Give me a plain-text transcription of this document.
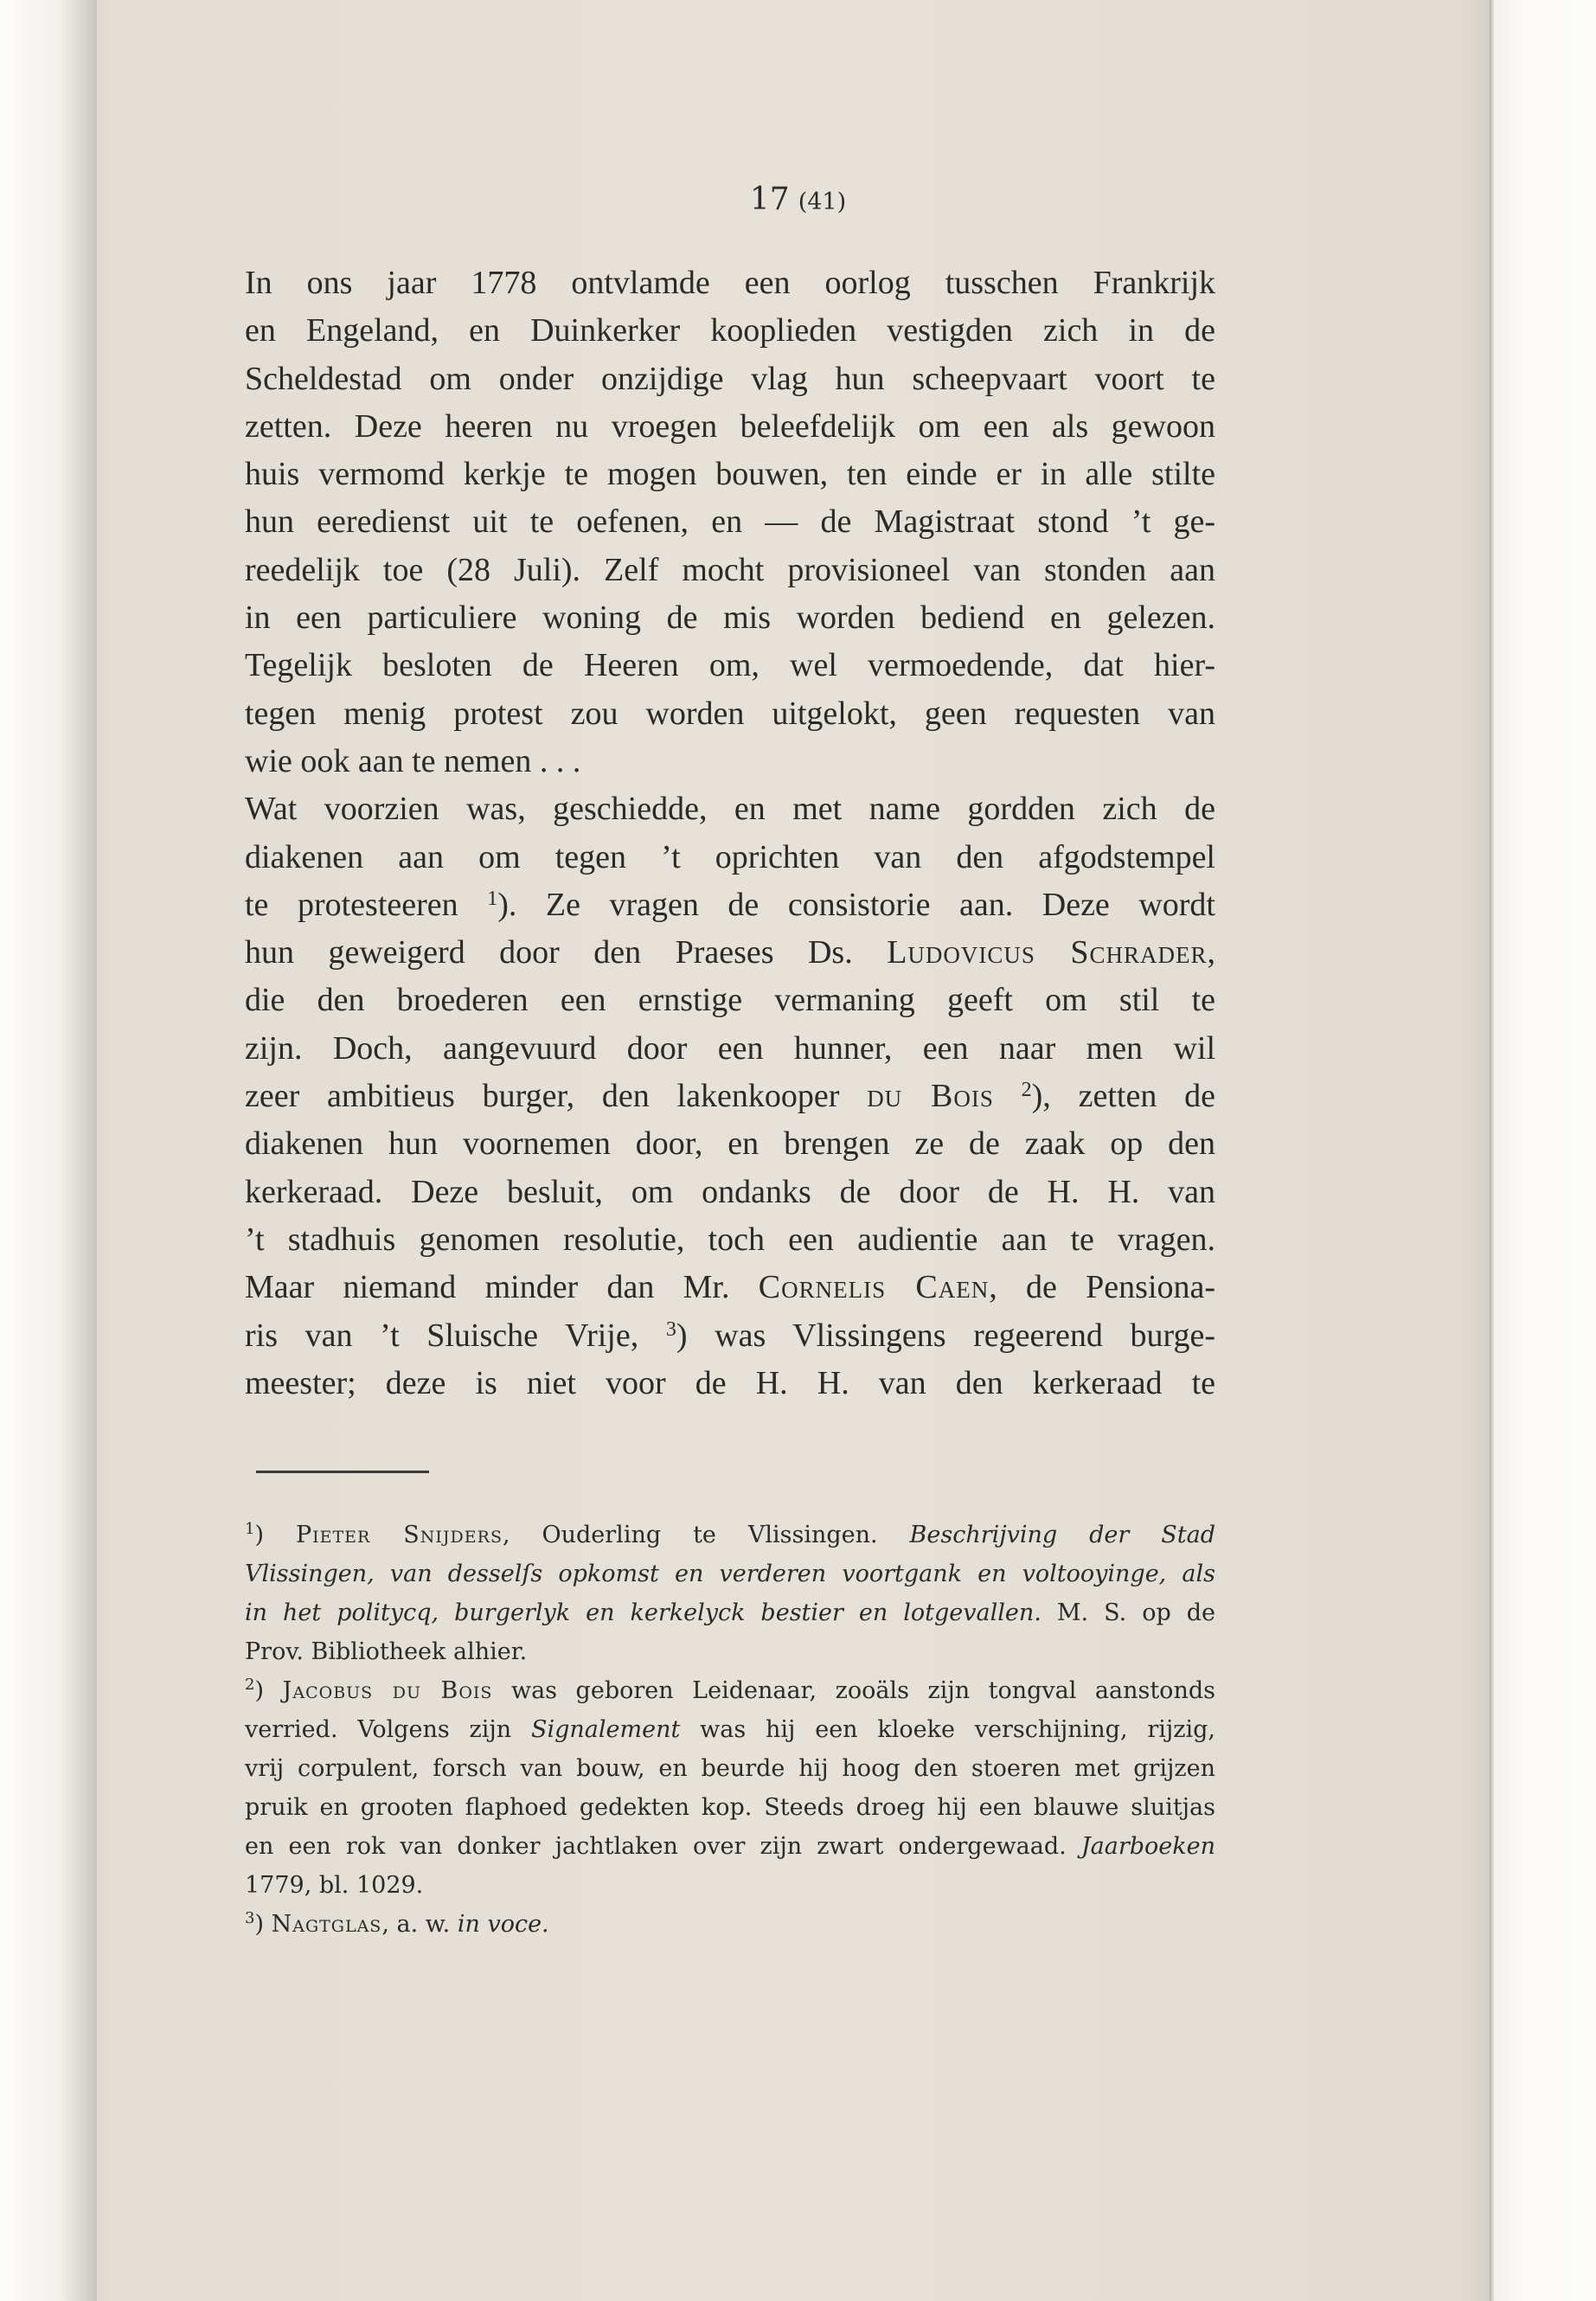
17 (41)
In ons jaar 1778 ontvlamde een oorlog tusschen Frankrijk
en Engeland, en Duinkerker kooplieden vestigden zich in de
Scheldestad om onder onzijdige vlag hun scheepvaart voort te
zetten. Deze heeren nu vroegen beleefdelijk om een als gewoon
huis vermomd kerkje te mogen bouwen, ten einde er in alle stilte
hun eeredienst uit te oefenen, en — de Magistraat stond ’t ge-
reedelijk toe (28 Juli). Zelf mocht provisioneel van stonden aan
in een particuliere woning de mis worden bediend en gelezen.
Tegelijk besloten de Heeren om, wel vermoedende, dat hier-
tegen menig protest zou worden uitgelokt, geen requesten van
wie ook aan te nemen . . .
Wat voorzien was, geschiedde, en met name gordden zich de
diakenen aan om tegen ’t oprichten van den afgodstempel
te protesteeren $^1$). Ze vragen de consistorie aan. Deze wordt
hun geweigerd door den Praeses Ds. Ludovicus Schrader,
die den broederen een ernstige vermaning geeft om stil te
zijn. Doch, aangevuurd door een hunner, een naar men wil
zeer ambitieus burger, den lakenkooper du Bois $^2$), zetten de
diakenen hun voornemen door, en brengen ze de zaak op den
kerkeraad. Deze besluit, om ondanks de door de H. H. van
’t stadhuis genomen resolutie, toch een audientie aan te vragen.
Maar niemand minder dan Mr. Cornelis Caen, de Pensiona-
ris van ’t Sluische Vrije, $^3$) was Vlissingens regeerend burge-
meester; deze is niet voor de H. H. van den kerkeraad te
$^1$) Pieter Snijders, Ouderling te Vlissingen. Beschrijving der Stad
Vlissingen, van desselſs opkomst en verderen voortgank en voltooyinge, als
in het politycq, burgerlyk en kerkelyck bestier en lotgevallen. M. S. op de
Prov. Bibliotheek alhier.
$^2$) Jacobus du Bois was geboren Leidenaar, zooäls zijn tongval aanstonds
verried. Volgens zijn Signalement was hij een kloeke verschijning, rijzig,
vrij corpulent, forsch van bouw, en beurde hij hoog den stoeren met grijzen
pruik en grooten flaphoed gedekten kop. Steeds droeg hij een blauwe sluitjas
en een rok van donker jachtlaken over zijn zwart ondergewaad. Jaarboeken
1779, bl. 1029.
$^3$) Nagtglas, a. w. in voce.
